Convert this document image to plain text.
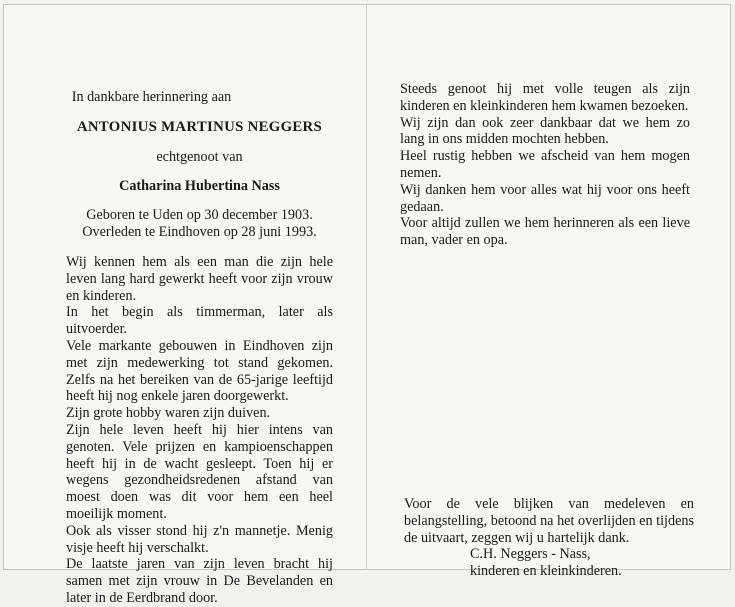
In dankbare herinnering aan
ANTONIUS MARTINUS NEGGERS
echtgenoot van
Catharina Hubertina Nass
Geboren te Uden op 30 december 1903.
Overleden te Eindhoven op 28 juni 1993.

Wij kennen hem als een man die zijn hele leven lang hard gewerkt heeft voor zijn vrouw en kinderen.

In het begin als timmerman, later als uitvoerder.

Vele markante gebouwen in Eindhoven zijn met zijn medewerking tot stand gekomen. Zelfs na het bereiken van de 65-jarige leeftijd heeft hij nog enkele jaren doorgewerkt.

Zijn grote hobby waren zijn duiven.

Zijn hele leven heeft hij hier intens van genoten. Vele prijzen en kampioenschappen heeft hij in de wacht gesleept. Toen hij er wegens gezondheidsredenen afstand van moest doen was dit voor hem een heel moeilijk moment.

Ook als visser stond hij z'n mannetje. Menig visje heeft hij verschalkt.

De laatste jaren van zijn leven bracht hij samen met zijn vrouw in De Bevelanden en later in de Eerdbrand door.

Steeds genoot hij met volle teugen als zijn kinderen en kleinkinderen hem kwamen bezoeken.

Wij zijn dan ook zeer dankbaar dat we hem zo lang in ons midden mochten hebben.

Heel rustig hebben we afscheid van hem mogen nemen.

Wij danken hem voor alles wat hij voor ons heeft gedaan.

Voor altijd zullen we hem herinneren als een lieve man, vader en opa.

Voor de vele blijken van medeleven en belangstelling, betoond na het overlijden en tijdens de uitvaart, zeggen wij u hartelijk dank.
C.H. Neggers - Nass,
kinderen en kleinkinderen.
